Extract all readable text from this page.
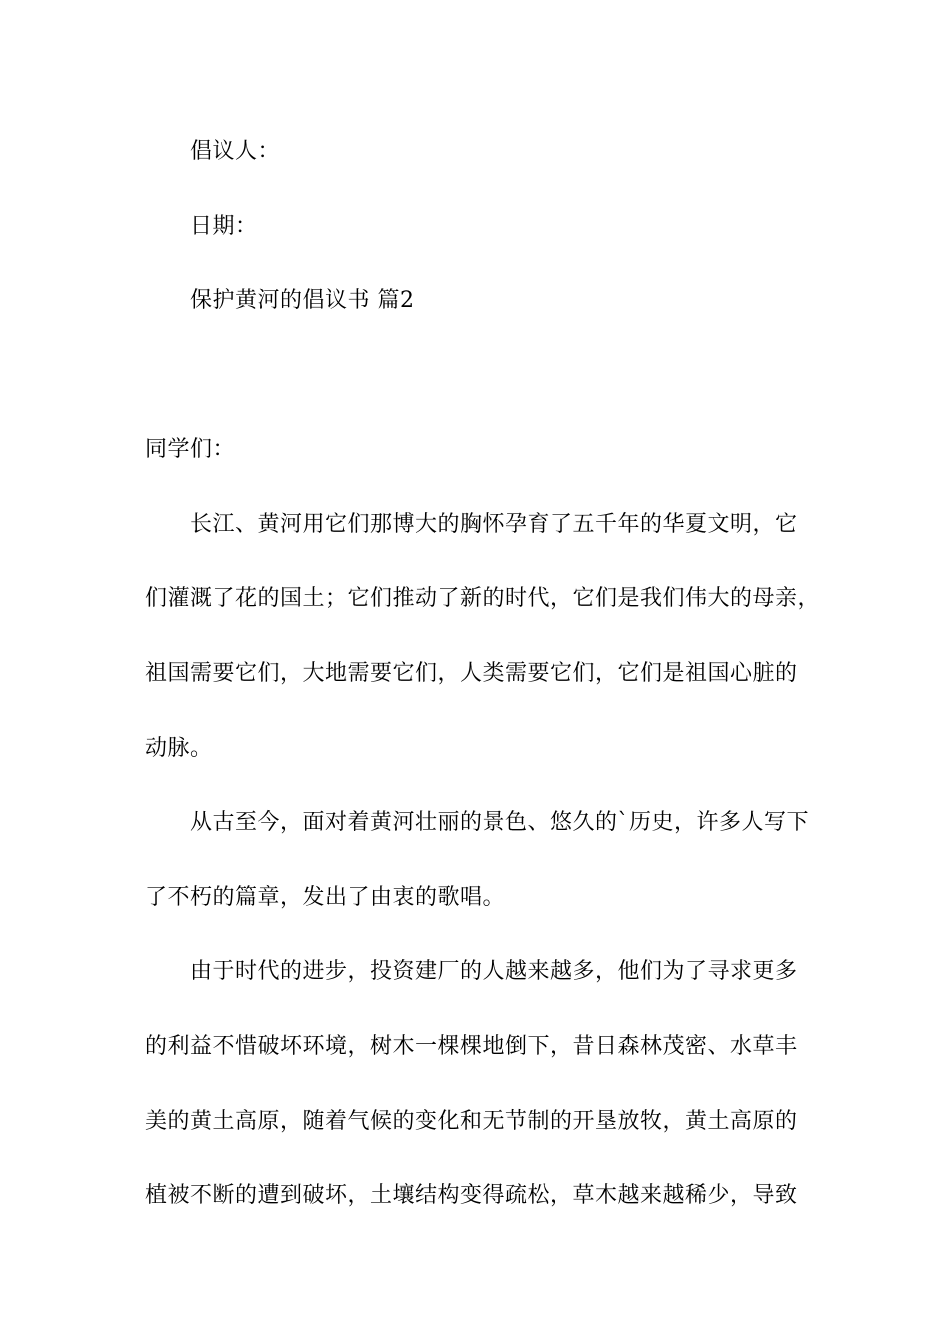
倡议人：
日期：
保护黄河的倡议书 篇2
同学们：
长江、黄河用它们那博大的胸怀孕育了五千年的华夏文明，它
们灌溉了花的国土；它们推动了新的时代，它们是我们伟大的母亲，
祖国需要它们，大地需要它们，人类需要它们，它们是祖国心脏的
动脉。
从古至今，面对着黄河壮丽的景色、悠久的`历史，许多人写下
了不朽的篇章，发出了由衷的歌唱。
由于时代的进步，投资建厂的人越来越多，他们为了寻求更多
的利益不惜破坏环境，树木一棵棵地倒下，昔日森林茂密、水草丰
美的黄土高原，随着气候的变化和无节制的开垦放牧，黄土高原的
植被不断的遭到破坏，土壤结构变得疏松，草木越来越稀少，导致
